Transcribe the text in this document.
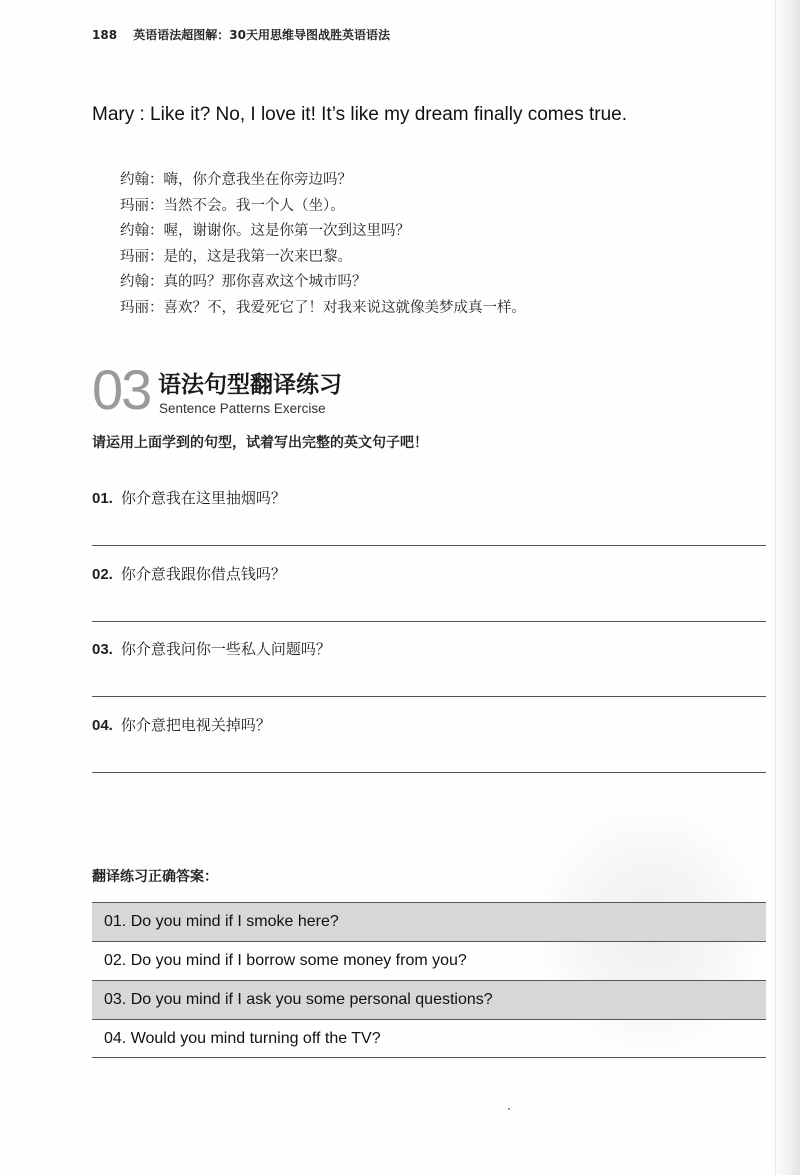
188 英语语法超图解：30天用思维导图战胜英语语法
Mary : Like it? No, I love it! It’s like my dream finally comes true.
约翰：嗨，你介意我坐在你旁边吗？
玛丽：当然不会。我一个人（坐）。
约翰：喔，谢谢你。这是你第一次到这里吗？
玛丽：是的，这是我第一次来巴黎。
约翰：真的吗？那你喜欢这个城市吗？
玛丽：喜欢？不，我爱死它了！对我来说这就像美梦成真一样。
03 语法句型翻译练习
Sentence Patterns Exercise
请运用上面学到的句型，试着写出完整的英文句子吧！
01. 你介意我在这里抽烟吗？
02. 你介意我跟你借点钱吗？
03. 你介意我问你一些私人问题吗？
04. 你介意把电视关掉吗？
翻译练习正确答案：
01. Do you mind if I smoke here?
02. Do you mind if I borrow some money from you?
03. Do you mind if I ask you some personal questions?
04. Would you mind turning off the TV?
